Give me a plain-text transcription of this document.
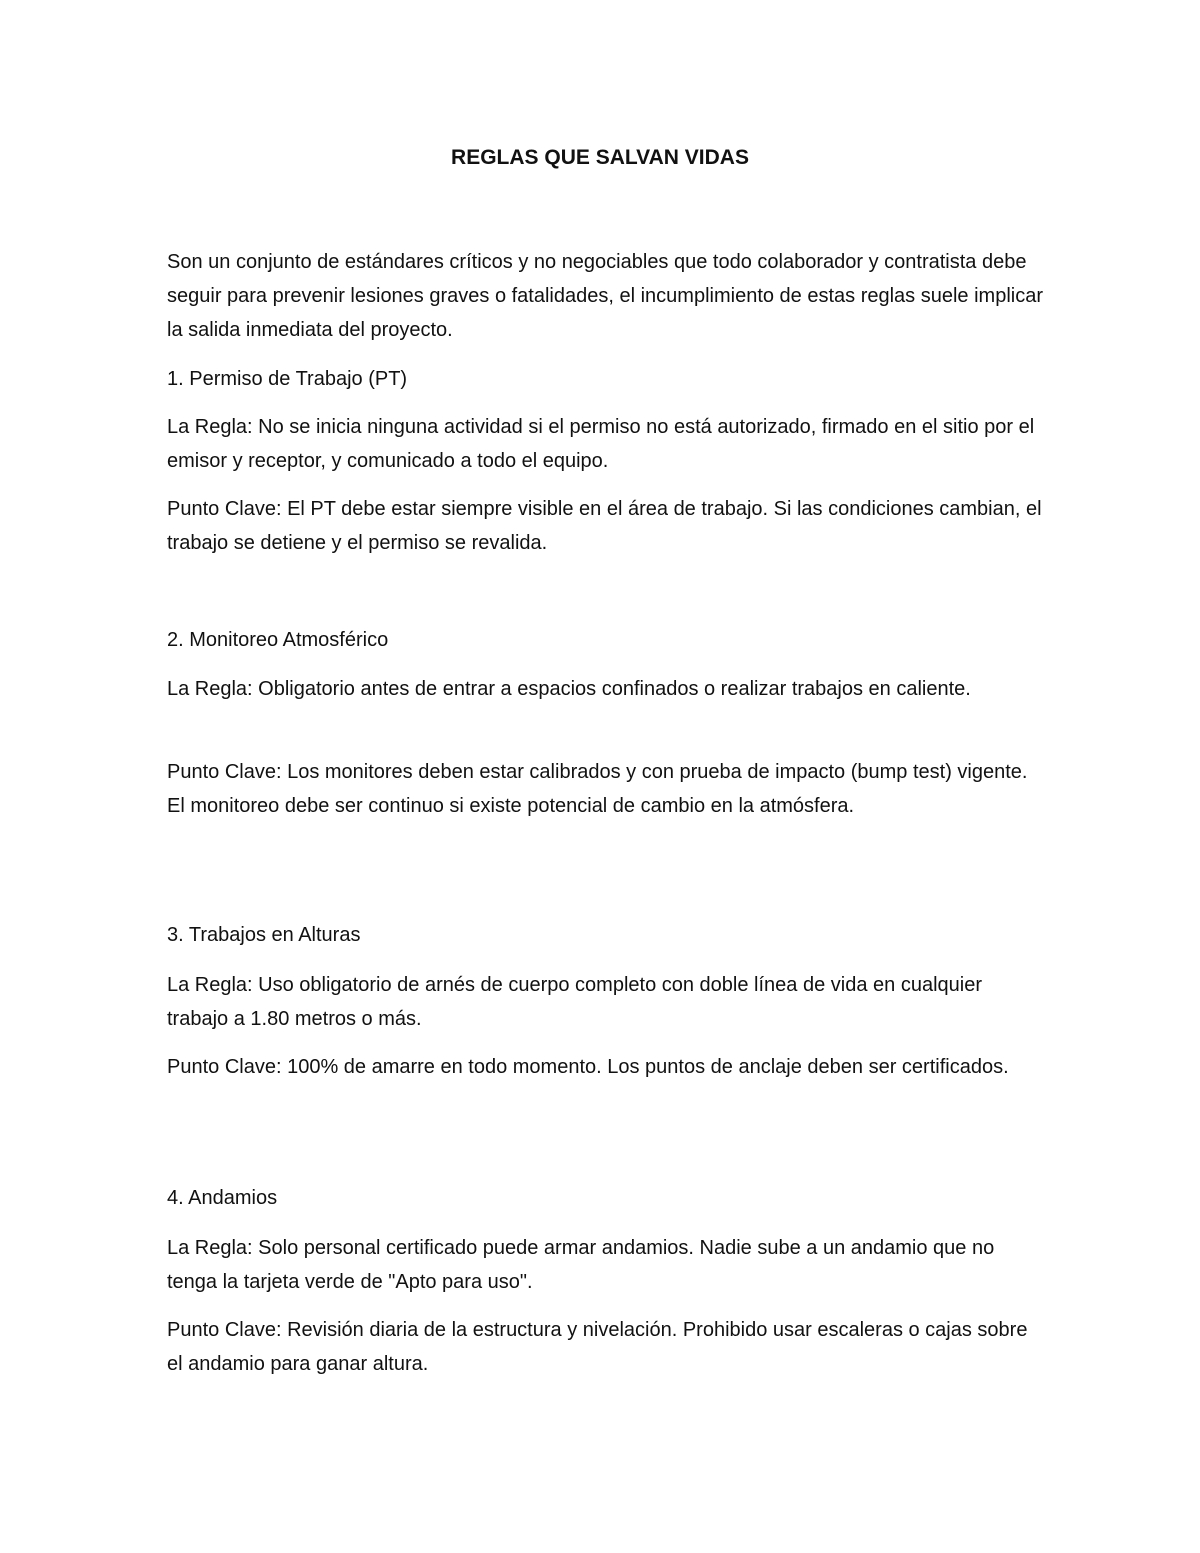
REGLAS QUE SALVAN VIDAS

Son un conjunto de estándares críticos y no negociables que todo colaborador y contratista debe seguir para prevenir lesiones graves o fatalidades, el incumplimiento de estas reglas suele implicar la salida inmediata del proyecto.

1. Permiso de Trabajo (PT)

La Regla: No se inicia ninguna actividad si el permiso no está autorizado, firmado en el sitio por el emisor y receptor, y comunicado a todo el equipo.

Punto Clave: El PT debe estar siempre visible en el área de trabajo. Si las condiciones cambian, el trabajo se detiene y el permiso se revalida.

2. Monitoreo Atmosférico

La Regla: Obligatorio antes de entrar a espacios confinados o realizar trabajos en caliente.

Punto Clave: Los monitores deben estar calibrados y con prueba de impacto (bump test) vigente. El monitoreo debe ser continuo si existe potencial de cambio en la atmósfera.

3. Trabajos en Alturas

La Regla: Uso obligatorio de arnés de cuerpo completo con doble línea de vida en cualquier trabajo a 1.80 metros o más.

Punto Clave: 100% de amarre en todo momento. Los puntos de anclaje deben ser certificados.

4. Andamios

La Regla: Solo personal certificado puede armar andamios. Nadie sube a un andamio que no tenga la tarjeta verde de "Apto para uso".

Punto Clave: Revisión diaria de la estructura y nivelación. Prohibido usar escaleras o cajas sobre el andamio para ganar altura.
